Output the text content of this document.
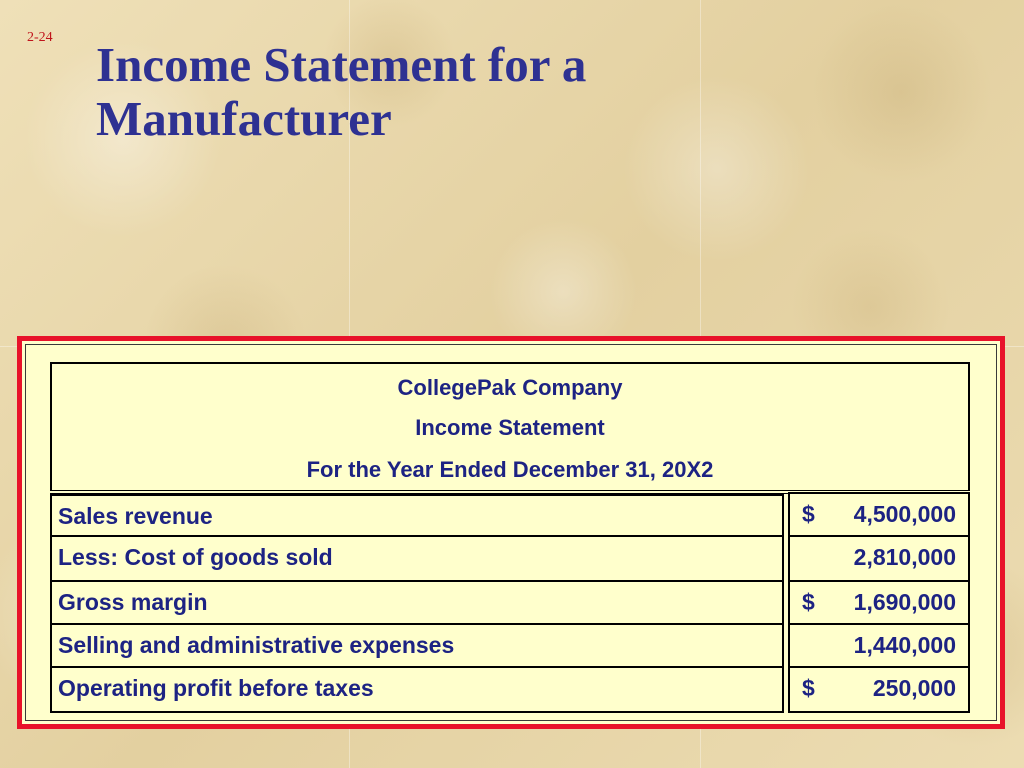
2-24 Income Statement for a
Manufacturer
CollegePak Company
Income Statement
For the Year Ended December 31, 20X2
Sales revenue	$	4,500,000
Less: Cost of goods sold	2,810,000
Gross margin	$	1,690,000
Selling and administrative expenses	1,440,000
Operating profit before taxes	$	250,000
